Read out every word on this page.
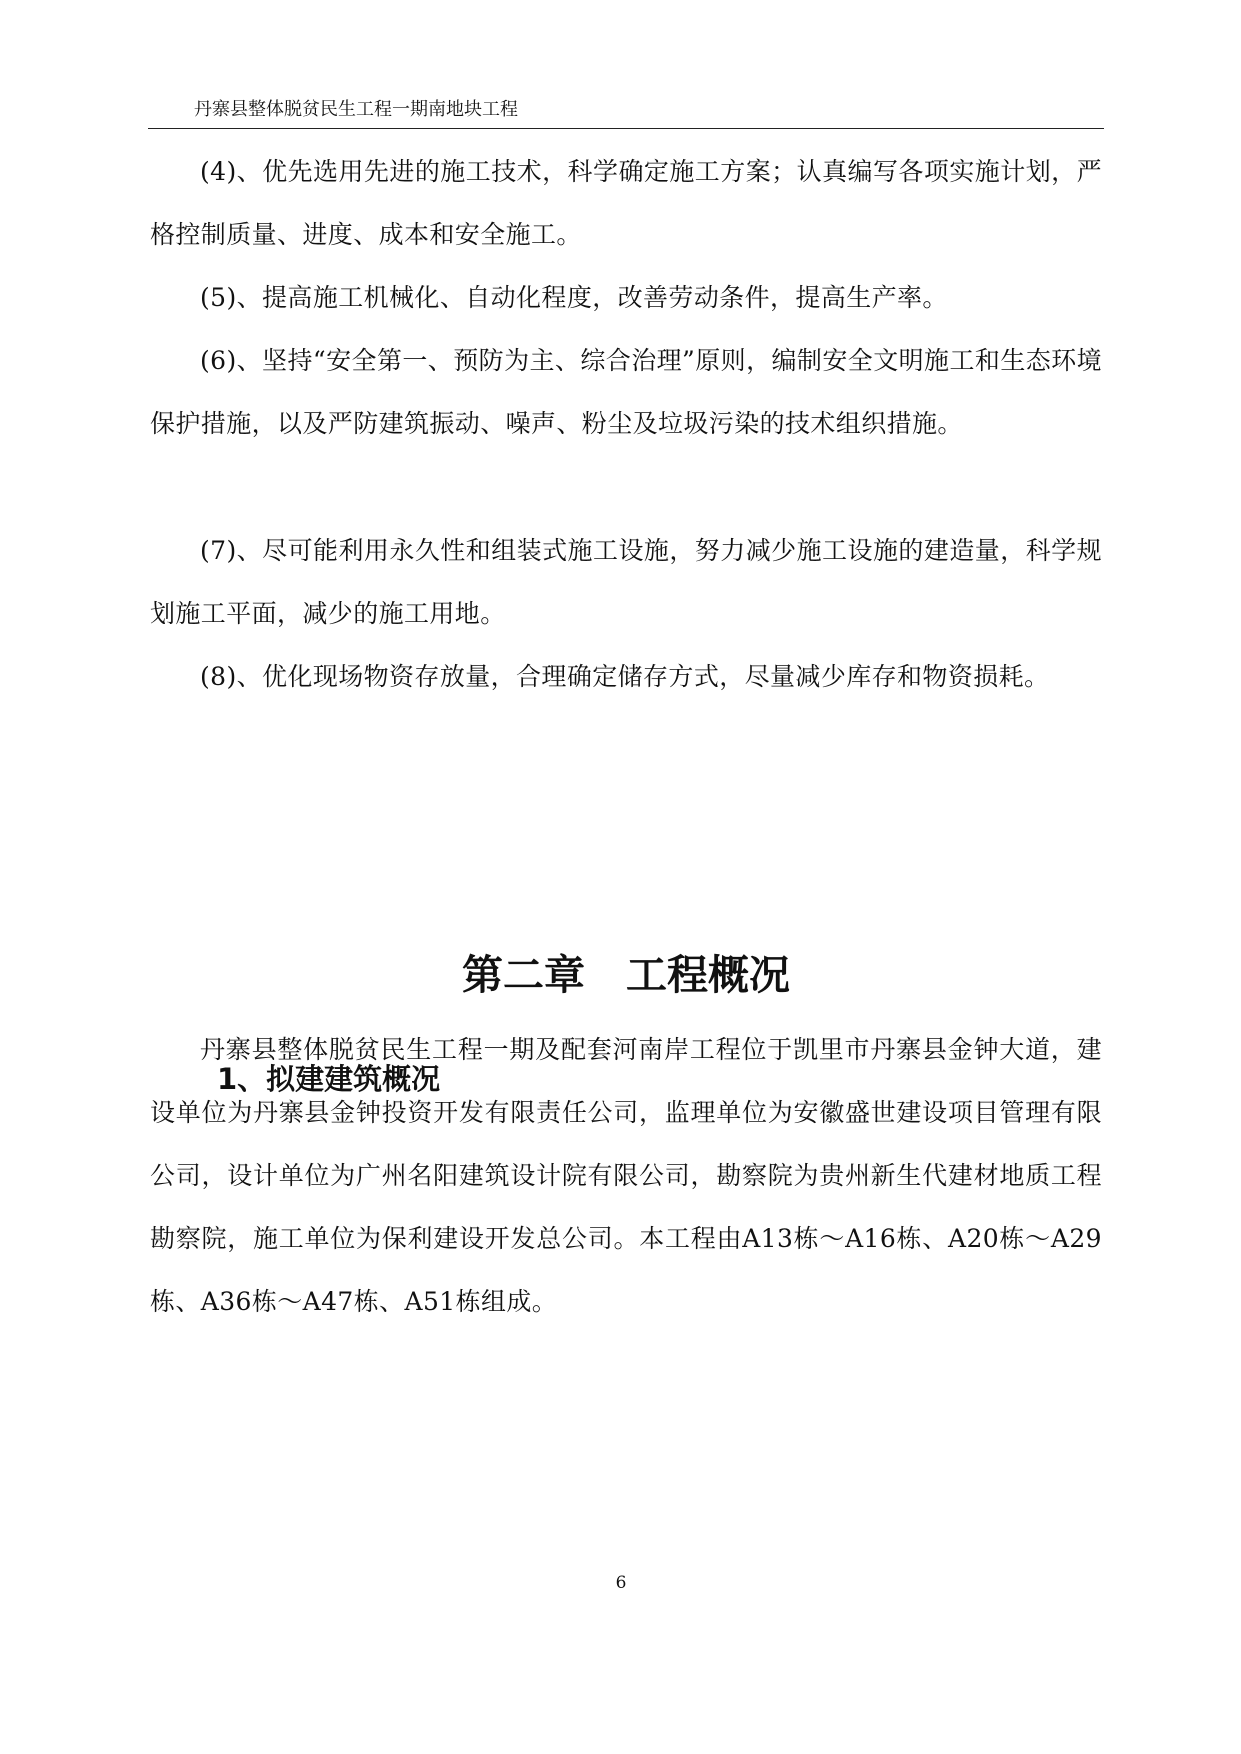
丹寨县整体脱贫民生工程一期南地块工程

(4)、优先选用先进的施工技术，科学确定施工方案；认真编写各项实施计划，严格控制质量、进度、成本和安全施工。

(5)、提高施工机械化、自动化程度，改善劳动条件，提高生产率。

(6)、坚持“安全第一、预防为主、综合治理”原则，编制安全文明施工和生态环境保护措施，以及严防建筑振动、噪声、粉尘及垃圾污染的技术组织措施。

(7)、尽可能利用永久性和组装式施工设施，努力减少施工设施的建造量，科学规划施工平面，减少的施工用地。

(8)、优化现场物资存放量，合理确定储存方式，尽量减少库存和物资损耗。

第二章　工程概况
1、拟建建筑概况

丹寨县整体脱贫民生工程一期及配套河南岸工程位于凯里市丹寨县金钟大道，建设单位为丹寨县金钟投资开发有限责任公司，监理单位为安徽盛世建设项目管理有限公司，设计单位为广州名阳建筑设计院有限公司，勘察院为贵州新生代建材地质工程勘察院，施工单位为保利建设开发总公司。本工程由A13栋～A16栋、A20栋～A29栋、A36栋～A47栋、A51栋组成。

6
